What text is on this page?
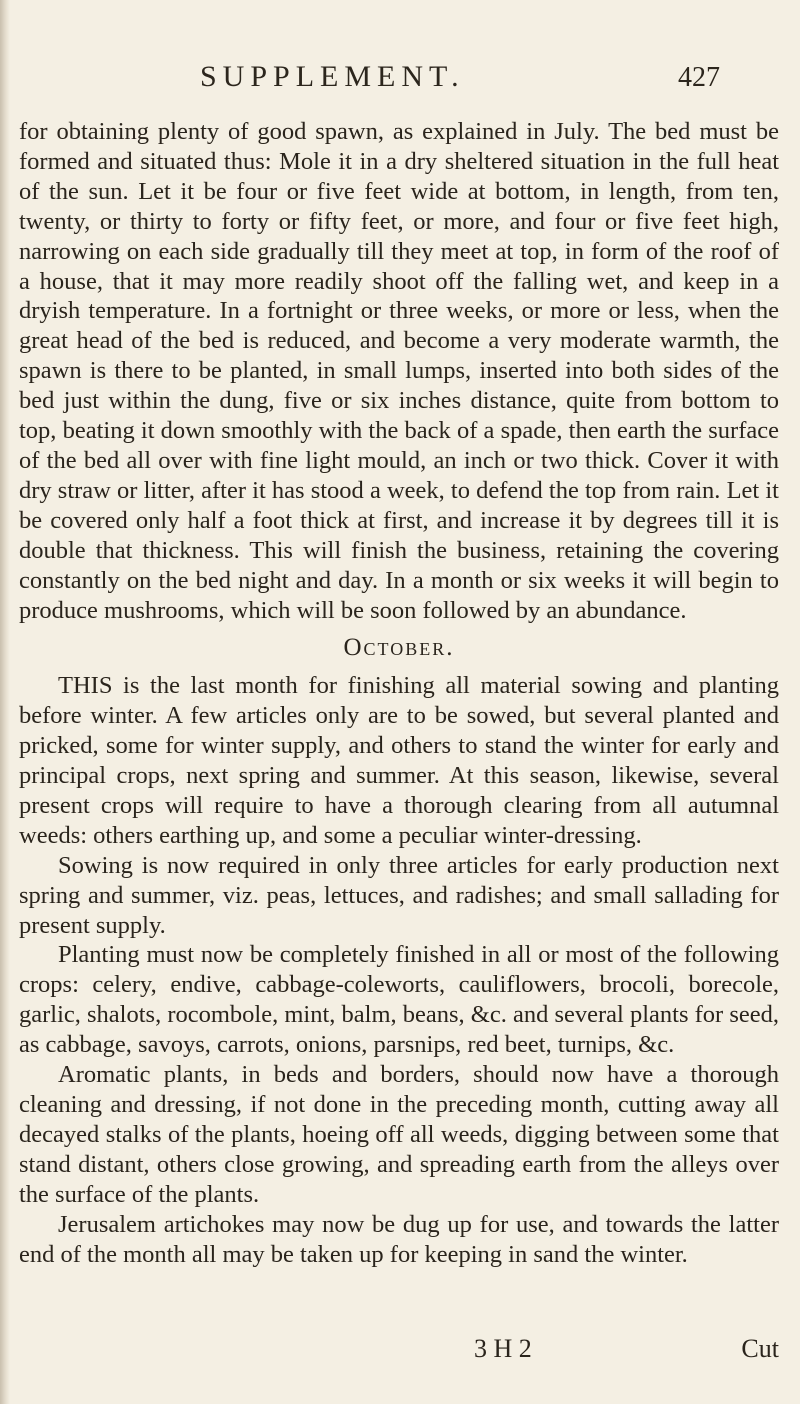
SUPPLEMENT.	427

for obtaining plenty of good spawn, as explained in July. The bed must be formed and situated thus: Mole it in a dry sheltered situation in the full heat of the sun. Let it be four or five feet wide at bottom, in length, from ten, twenty, or thirty to forty or fifty feet, or more, and four or five feet high, narrowing on each side gradually till they meet at top, in form of the roof of a house, that it may more readily shoot off the falling wet, and keep in a dryish temperature. In a fortnight or three weeks, or more or less, when the great head of the bed is reduced, and become a very moderate warmth, the spawn is there to be planted, in small lumps, inserted into both sides of the bed just within the dung, five or six inches distance, quite from bottom to top, beating it down smoothly with the back of a spade, then earth the surface of the bed all over with fine light mould, an inch or two thick. Cover it with dry straw or litter, after it has stood a week, to defend the top from rain. Let it be covered only half a foot thick at first, and increase it by degrees till it is double that thickness. This will finish the business, retaining the covering constantly on the bed night and day. In a month or six weeks it will begin to produce mushrooms, which will be soon followed by an abundance.

October.

THIS is the last month for finishing all material sowing and planting before winter. A few articles only are to be sowed, but several planted and pricked, some for winter supply, and others to stand the winter for early and principal crops, next spring and summer. At this season, likewise, several present crops will require to have a thorough clearing from all autumnal weeds: others earthing up, and some a peculiar winter-dressing.

Sowing is now required in only three articles for early production next spring and summer, viz. peas, lettuces, and radishes; and small sallading for present supply.

Planting must now be completely finished in all or most of the following crops: celery, endive, cabbage-coleworts, cauliflowers, brocoli, borecole, garlic, shalots, rocombole, mint, balm, beans, &c. and several plants for seed, as cabbage, savoys, carrots, onions, parsnips, red beet, turnips, &c.

Aromatic plants, in beds and borders, should now have a thorough cleaning and dressing, if not done in the preceding month, cutting away all decayed stalks of the plants, hoeing off all weeds, digging between some that stand distant, others close growing, and spreading earth from the alleys over the surface of the plants.

Jerusalem artichokes may now be dug up for use, and towards the latter end of the month all may be taken up for keeping in sand the winter.

3 H 2	Cut
